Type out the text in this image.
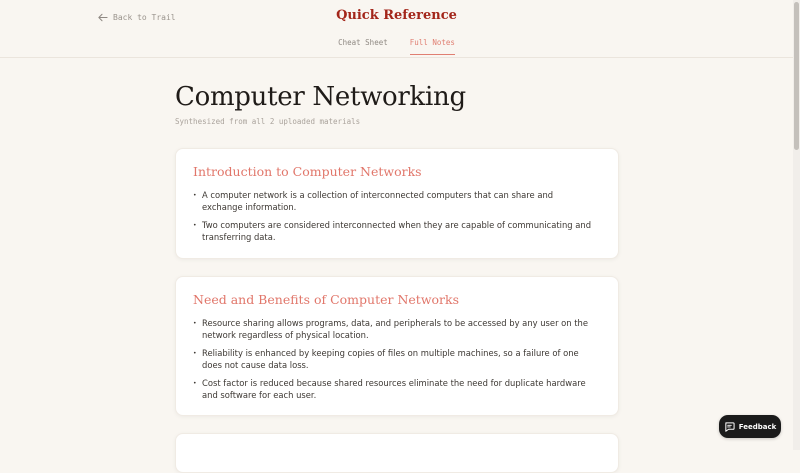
Back to Trail	Quick Reference
Cheat Sheet	Full Notes
Computer Networking
Synthesized from all 2 uploaded materials
Introduction to Computer Networks
• A computer network is a collection of interconnected computers that can share and exchange information.
• Two computers are considered interconnected when they are capable of communicating and transferring data.
Need and Benefits of Computer Networks
• Resource sharing allows programs, data, and peripherals to be accessed by any user on the network regardless of physical location.
• Reliability is enhanced by keeping copies of files on multiple machines, so a failure of one does not cause data loss.
• Cost factor is reduced because shared resources eliminate the need for duplicate hardware and software for each user.
Feedback
